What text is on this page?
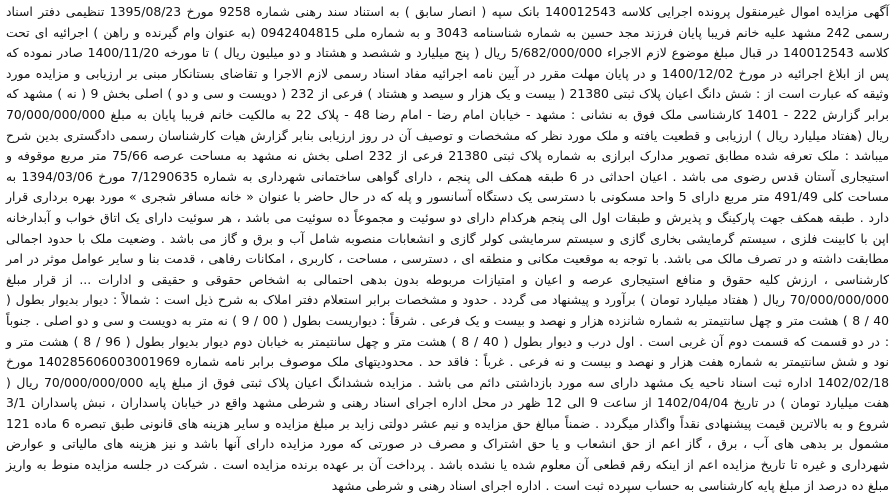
آگهی مزایده اموال غیرمنقول پرونده اجرایی کلاسه 140012543 بانک سپه ( انصار سابق ) به استناد سند رهنی شماره 9258 مورخ 1395/08/23 تنظیمی دفتر اسناد رسمی 242 مشهد علیه خانم فریبا پایان فرزند مجد حسین به شماره شناسنامه 3043 و به شماره ملی 0942404815 (به عنوان وام گیرنده و راهن ) اجرائیه ای تحت کلاسه 140012543 در قبال مبلغ موضوع لازم الاجراء 5/682/000/000 ریال ( پنج میلیارد و ششصد و هشتاد و دو میلیون ریال ) تا مورخه 1400/11/20 صادر نموده که پس از ابلاغ اجرائیه در مورخ 1400/12/02 و در پایان مهلت مقرر در آیین نامه اجرائیه مفاد اسناد رسمی لازم الاجرا و تقاضای بستانکار مبنی بر ارزیابی و مزایده مورد وثیقه که عبارت است از : شش دانگ اعیان پلاک ثبتی 21380 ( بیست و یک هزار و سیصد و هشتاد ) فرعی از 232 ( دویست و سی و دو ) اصلی بخش 9 ( نه ) مشهد که برابر گزارش 222 - 1401 کارشناسی ملک فوق به نشانی : مشهد - خیابان امام رضا - امام رضا 48 - پلاک 22 به مالکیت خانم فریبا پایان به مبلغ 70/000/000/000 ریال (هفتاد میلیارد ریال ) ارزیابی و قطعیت یافته و ملک مورد نظر که مشخصات و توصیف آن در روز ارزیابی بنابر گزارش هیات کارشناسان رسمی دادگستری بدین شرح میباشد : ملک تعرفه شده مطابق تصویر مدارک ابرازی به شماره پلاک ثبتی 21380 فرعی از 232 اصلی بخش نه مشهد به مساحت عرصه 75/66 متر مربع موقوفه و استیجاری آستان قدس رضوی می باشد . اعیان احداثی در 6 طبقه همکف الی پنجم ، دارای گواهی ساختمانی شهرداری به شماره 7/1290635 مورخ 1394/03/06 به مساحت کلی 491/49 متر مربع دارای 5 واحد مسکونی با دسترسی یک دستگاه آسانسور و پله که در حال حاضر با عنوان « خانه مسافر شجری » مورد بهره برداری قرار دارد . طبقه همکف جهت پارکینگ و پذیرش و طبقات اول الی پنجم هرکدام دارای دو سوئیت و مجموعاً ده سوئیت می باشد ، هر سوئیت دارای یک اتاق خواب و آبدارخانه اپن با کابینت فلزی ، سیستم گرمایشی بخاری گازی و سیستم سرمایشی کولر گازی و انشعابات منصوبه شامل آب و برق و گاز می باشد . وضعیت ملک با حدود اجمالی مطابقت داشته و در تصرف مالک می باشد. با توجه به موقعیت مکانی و منطقه ای ، دسترسی ، مساحت ، کاربری ، امکانات رفاهی ، قدمت بنا و سایر عوامل موثر در امر کارشناسی ، ارزش کلیه حقوق و منافع استیجاری عرصه و اعیان و امتیازات مربوطه بدون بدهی احتمالی به اشخاص حقوقی و حقیقی و ادارات ... از قرار مبلغ 70/000/000/000 ریال ( هفتاد میلیارد تومان ) برآورد و پیشنهاد می گردد . حدود و مشخصات برابر استعلام دفتر املاک به شرح ذیل است : شمالاً : دیوار بدیوار بطول ( 40 / 8 ) هشت متر و چهل سانتیمتر به شماره شانزده هزار و نهصد و بیست و یک فرعی . شرقاً : دیواریست بطول ( 00 / 9 ) نه متر به دویست و سی و دو اصلی . جنوباً : در دو قسمت که قسمت دوم آن غربی است . اول درب و دیوار بطول ( 40 / 8 ) هشت متر و چهل سانتیمتر به خیابان دوم دیوار بدیوار بطول ( 96 / 8 ) هشت متر و نود و شش سانتیمتر به شماره هفت هزار و نهصد و بیست و نه فرعی . غرباً : فاقد حد . محدودیتهای ملک موصوف برابر نامه شماره 140285606003001969 مورخ 1402/02/18 اداره ثبت اسناد ناحیه یک مشهد دارای سه مورد بازداشتی دائم می باشد . مزایده ششدانگ اعیان پلاک ثبتی فوق از مبلغ پایه 70/000/000/000 ریال ( هفت میلیارد تومان ) در تاریخ 1402/04/04 از ساعت 9 الی 12 ظهر در محل اداره اجرای اسناد رهنی و شرطی مشهد واقع در خیابان پاسداران ، نبش پاسداران 3/1 شروع و به بالاترین قیمت پیشنهادی نقداً واگذار میگردد . ضمناً مبالغ حق مزایده و نیم عشر دولتی زاید بر مبلغ مزایده و سایر هزینه های قانونی طبق تبصره 6 ماده 121 مشمول بر بدهی های آب ، برق ، گاز اعم از حق انشعاب و یا حق اشتراک و مصرف در صورتی که مورد مزایده دارای آنها باشد و نیز هزینه های مالیاتی و عوارض شهرداری و غیره تا تاریخ مزایده اعم از اینکه رقم قطعی آن معلوم شده یا نشده باشد . پرداخت آن بر عهده برنده مزایده است . شرکت در جلسه مزایده منوط به واریز مبلغ ده درصد از مبلغ پایه کارشناسی به حساب سپرده ثبت است . اداره اجرای اسناد رهنی و شرطی مشهد
